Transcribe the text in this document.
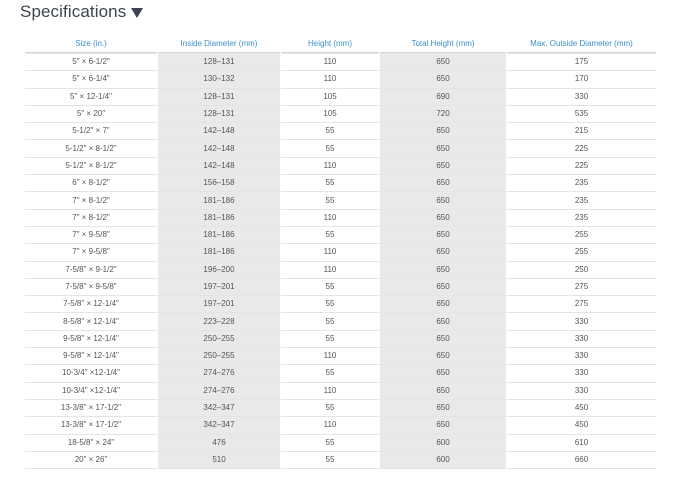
Specifications
Size (in.)	Inside Diameter (mm)	Height (mm)	Total Height (mm)	Max. Outside Diameter (mm)
5" × 6-1/2"	128–131	110	650	175
5" × 6-1/4"	130–132	110	650	170
5" × 12-1/4"	128–131	105	690	330
5" × 20"	128–131	105	720	535
5-1/2" × 7"	142–148	55	650	215
5-1/2" × 8-1/2"	142–148	55	650	225
5-1/2" × 8-1/2"	142–148	110	650	225
6" × 8-1/2"	156–158	55	650	235
7" × 8-1/2"	181–186	55	650	235
7" × 8-1/2"	181–186	110	650	235
7" × 9-5/8"	181–186	55	650	255
7" × 9-5/8"	181–186	110	650	255
7-5/8" × 9-1/2"	196–200	110	650	250
7-5/8" × 9-5/8"	197–201	55	650	275
7-5/8" × 12-1/4"	197–201	55	650	275
8-5/8" × 12-1/4"	223–228	55	650	330
9-5/8" × 12-1/4"	250–255	55	650	330
9-5/8" × 12-1/4"	250–255	110	650	330
10-3/4" ×12-1/4"	274–276	55	650	330
10-3/4" ×12-1/4"	274–276	110	650	330
13-3/8" × 17-1/2"	342–347	55	650	450
13-3/8" × 17-1/2"	342–347	110	650	450
18-5/8" × 24"	476	55	600	610
20" × 26"	510	55	600	660
